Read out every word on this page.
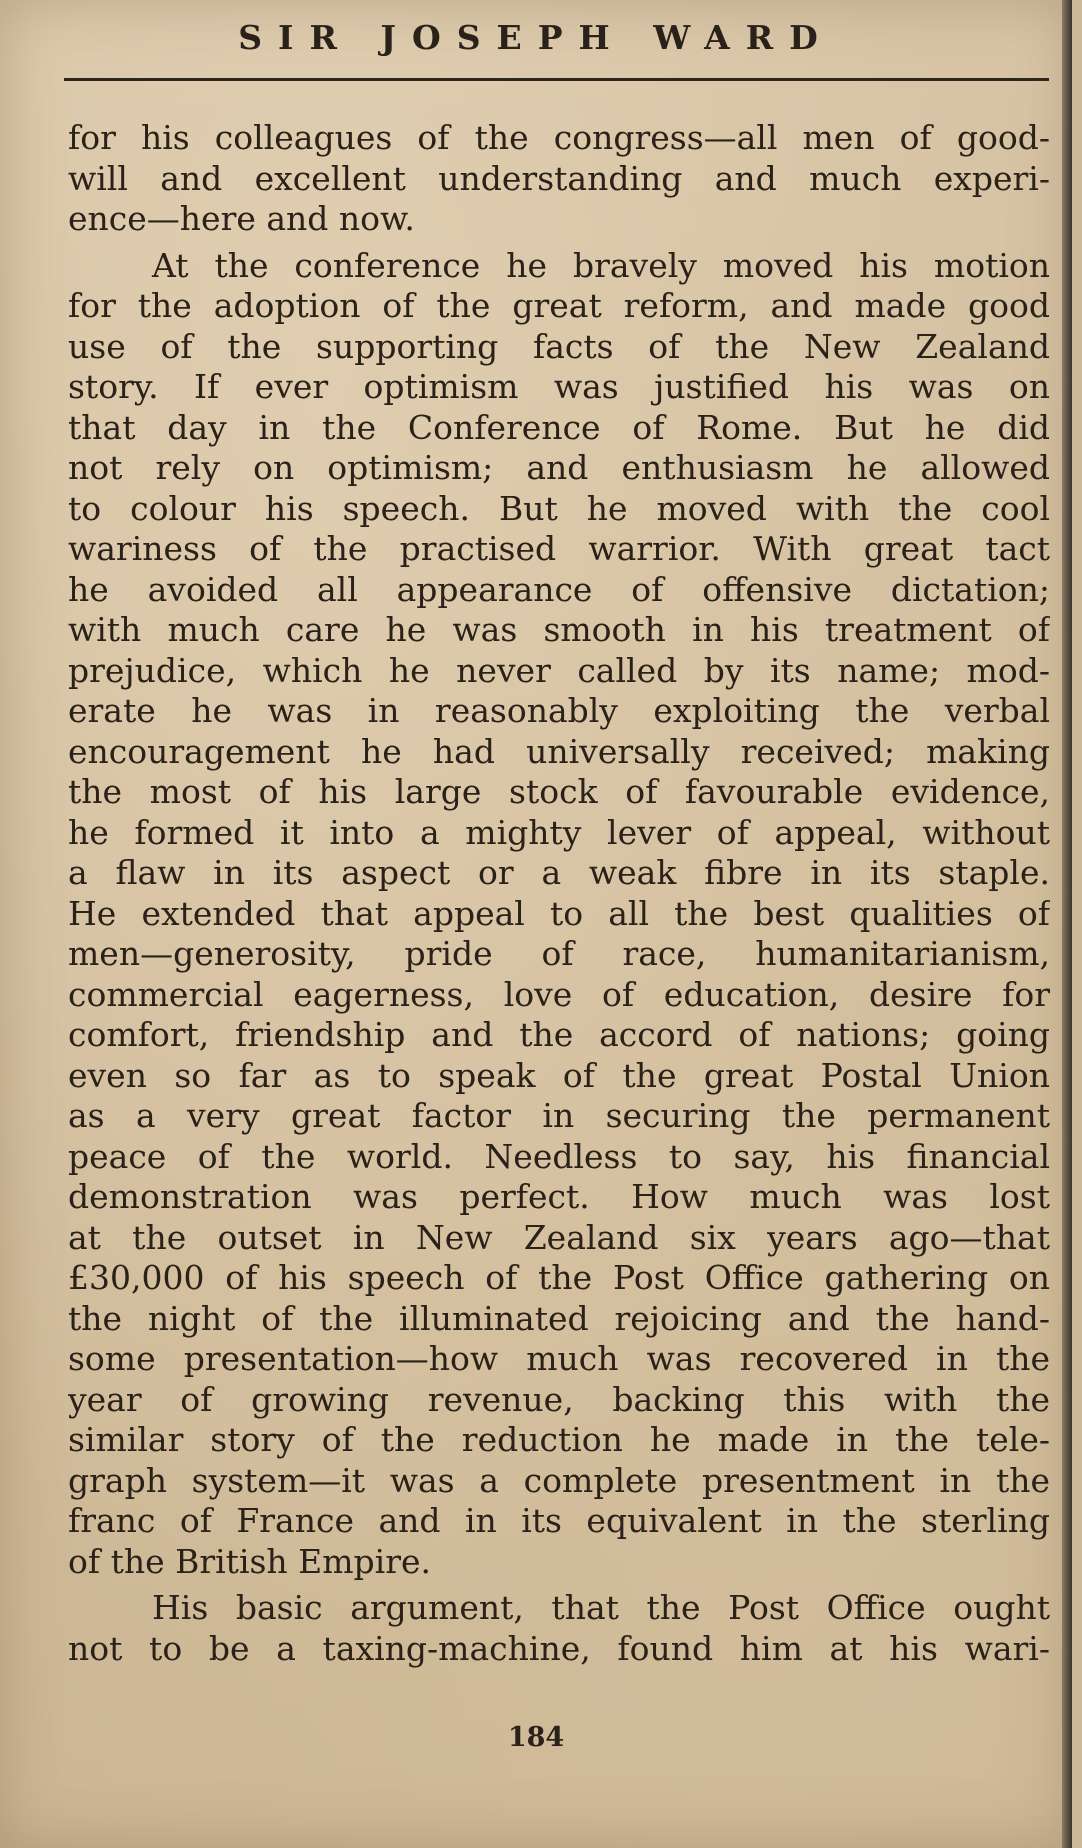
SIR JOSEPH WARD
for his colleagues of the congress—all men of good-
will and excellent understanding and much experi-
ence—here and now.
At the conference he bravely moved his motion
for the adoption of the great reform, and made good
use of the supporting facts of the New Zealand
story. If ever optimism was justified his was on
that day in the Conference of Rome. But he did
not rely on optimism; and enthusiasm he allowed
to colour his speech. But he moved with the cool
wariness of the practised warrior. With great tact
he avoided all appearance of offensive dictation;
with much care he was smooth in his treatment of
prejudice, which he never called by its name; mod-
erate he was in reasonably exploiting the verbal
encouragement he had universally received; making
the most of his large stock of favourable evidence,
he formed it into a mighty lever of appeal, without
a flaw in its aspect or a weak fibre in its staple.
He extended that appeal to all the best qualities of
men—generosity, pride of race, humanitarianism,
commercial eagerness, love of education, desire for
comfort, friendship and the accord of nations; going
even so far as to speak of the great Postal Union
as a very great factor in securing the permanent
peace of the world. Needless to say, his financial
demonstration was perfect. How much was lost
at the outset in New Zealand six years ago—that
£30,000 of his speech of the Post Office gathering on
the night of the illuminated rejoicing and the hand-
some presentation—how much was recovered in the
year of growing revenue, backing this with the
similar story of the reduction he made in the tele-
graph system—it was a complete presentment in the
franc of France and in its equivalent in the sterling
of the British Empire.
His basic argument, that the Post Office ought
not to be a taxing-machine, found him at his wari-
184
